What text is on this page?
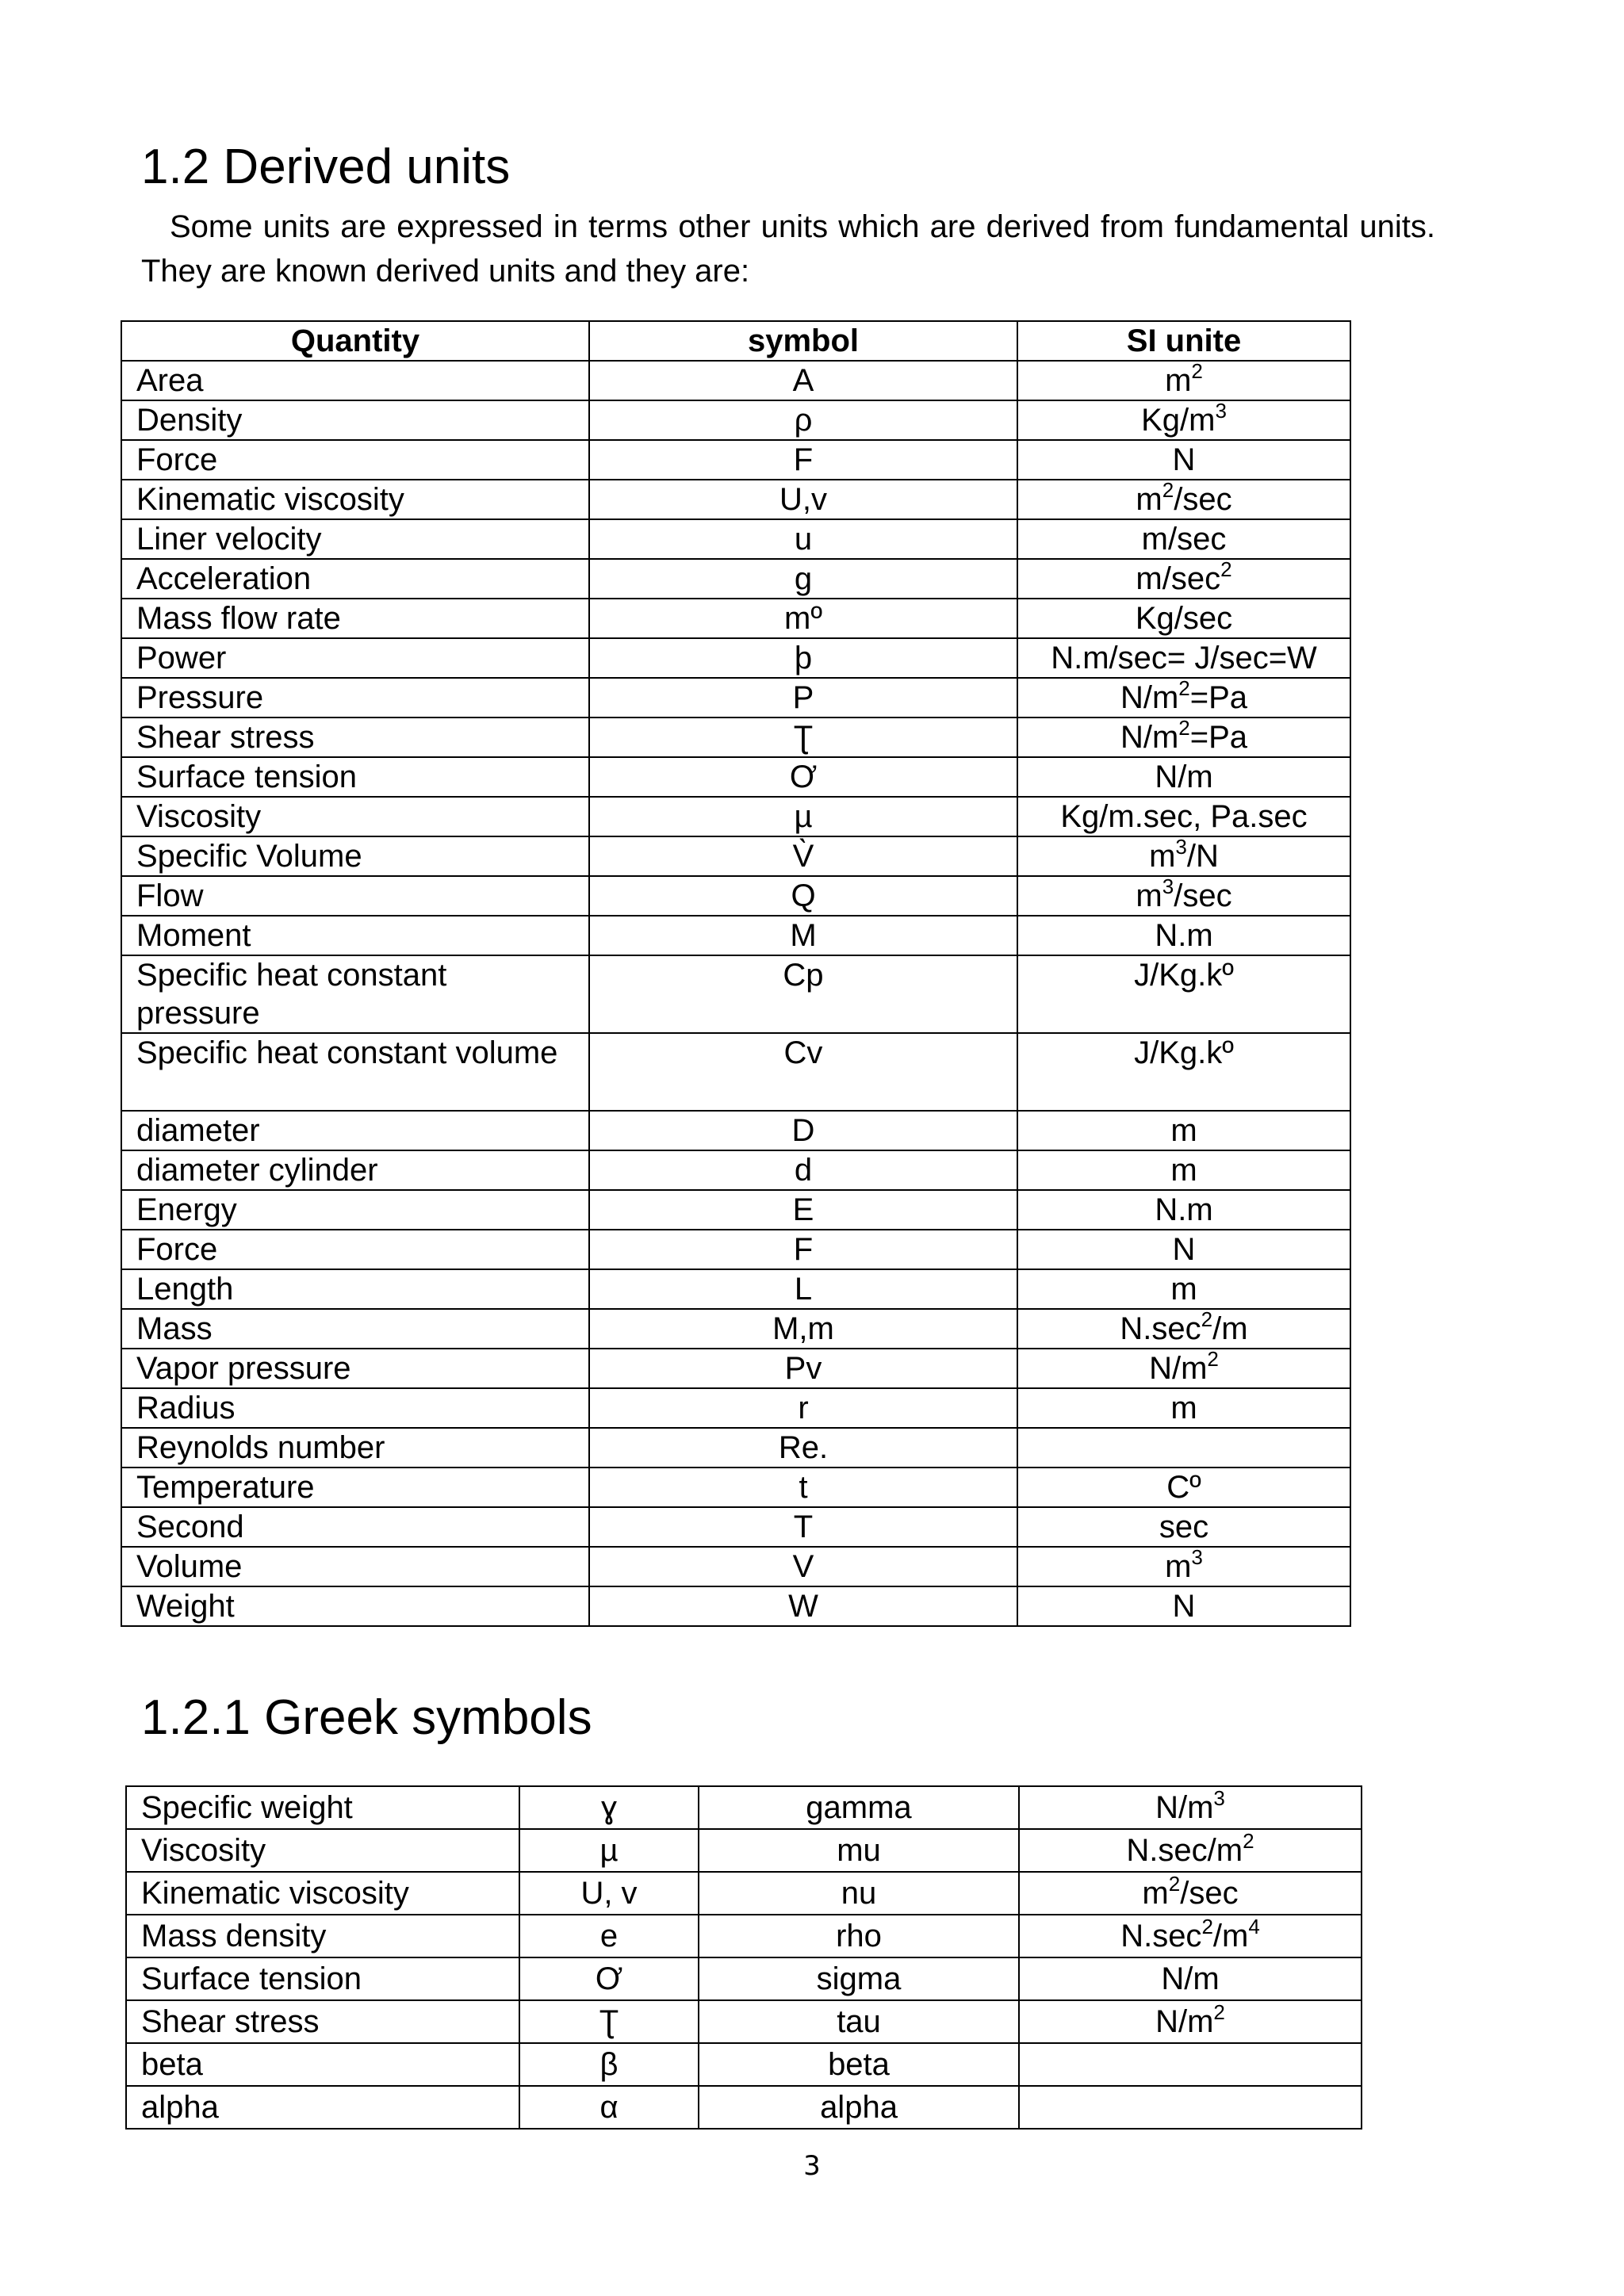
1.2 Derived units

Some units are expressed in terms other units which are derived from fundamental units. They are known derived units and they are:

Quantity	symbol	SI unite
Area	A	$m^2$
Density	ρ	$Kg/m^3$
Force	F	N
Kinematic viscosity	U,v	$m^2/\sec$
Liner velocity	u	m/sec
Acceleration	g	$m/\sec^2$
Mass flow rate	mº	Kg/sec
Power	þ	N.m/sec= J/sec=W
Pressure	P	$N/m^2=Pa$
Shear stress	Ʈ	$N/m^2=Pa$
Surface tension	Ơ	N/m
Viscosity	µ	Kg/m.sec, Pa.sec
Specific Volume	V̀	$m^3/N$
Flow	Q	$m^3/\sec$
Moment	M	N.m
Specific heat constant pressure	Cp	J/Kg.kº
Specific heat constant volume	Cv	J/Kg.kº
diameter	D	m
diameter cylinder	d	m
Energy	E	N.m
Force	F	N
Length	L	m
Mass	M,m	$N.\sec^2/m$
Vapor pressure	Pv	$N/m^2$
Radius	r	m
Reynolds number	Re.	
Temperature	t	Cº
Second	T	sec
Volume	V	$m^3$
Weight	W	N
1.2.1 Greek symbols
Specific weight	ɣ	gamma	$N/m^3$
Viscosity	µ	mu	$N.\sec/m^2$
Kinematic viscosity	U, v	nu	$m^2/\sec$
Mass density	e	rho	$N.\sec^2/m^4$
Surface tension	Ơ	sigma	N/m
Shear stress	Ʈ	tau	$N/m^2$
beta	β	beta	
alpha	α	alpha	
3
